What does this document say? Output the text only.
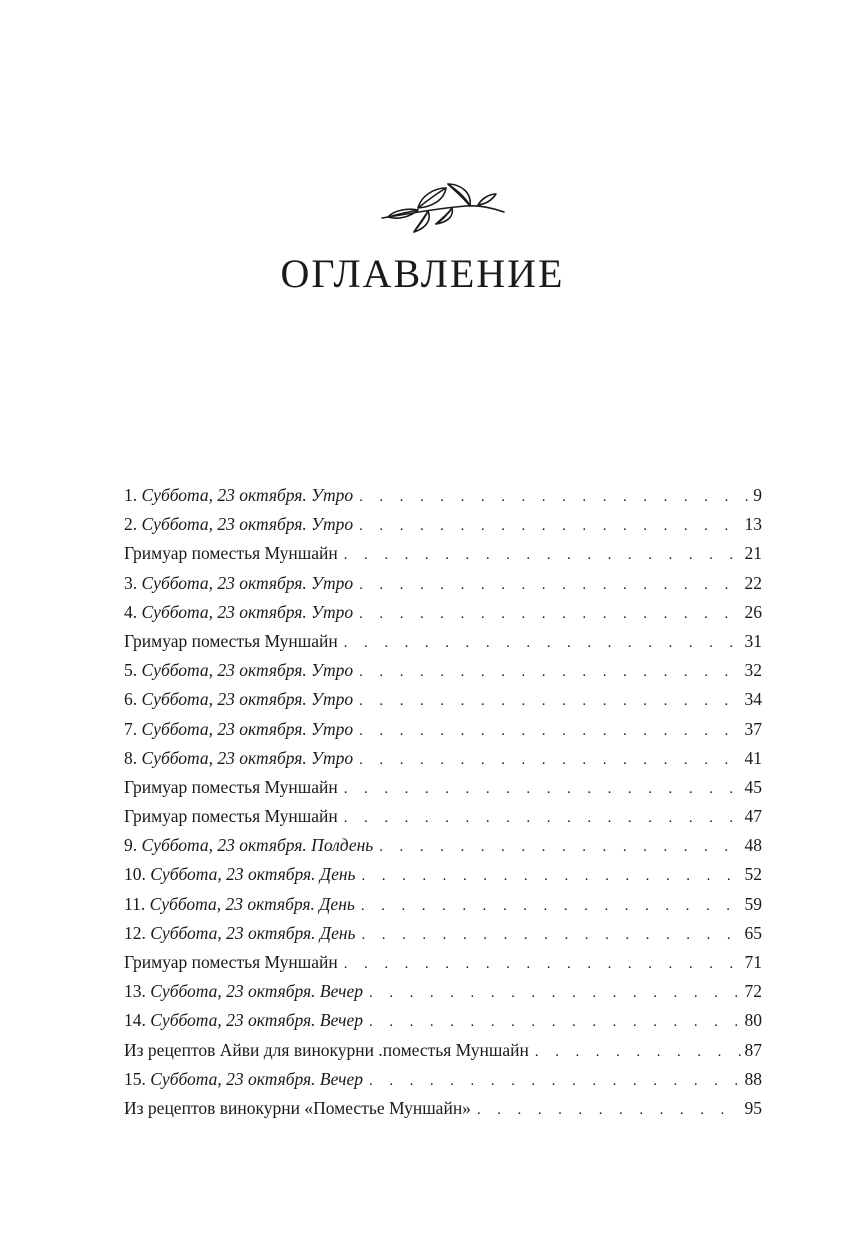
ОГЛАВЛЕНИЕ
1. Суббота, 23 октября. Утро . . .	9
2. Суббота, 23 октября. Утро . . .	13
Гримуар поместья Муншайн . . .	21
3. Суббота, 23 октября. Утро . . .	22
4. Суббота, 23 октября. Утро . . .	26
Гримуар поместья Муншайн . . .	31
5. Суббота, 23 октября. Утро . . .	32
6. Суббота, 23 октября. Утро . . .	34
7. Суббота, 23 октября. Утро . . .	37
8. Суббота, 23 октября. Утро . . .	41
Гримуар поместья Муншайн . . .	45
Гримуар поместья Муншайн . . .	47
9. Суббота, 23 октября. Полдень . . .	48
10. Суббота, 23 октября. День . . .	52
11. Суббота, 23 октября. День . . .	59
12. Суббота, 23 октября. День . . .	65
Гримуар поместья Муншайн . . .	71
13. Суббота, 23 октября. Вечер . . .	72
14. Суббота, 23 октября. Вечер . . .	80
Из рецептов Айви для винокурни .поместья Муншайн . . .	87
15. Суббота, 23 октября. Вечер . . .	88
Из рецептов винокурни «Поместье Муншайн» . . .	95
